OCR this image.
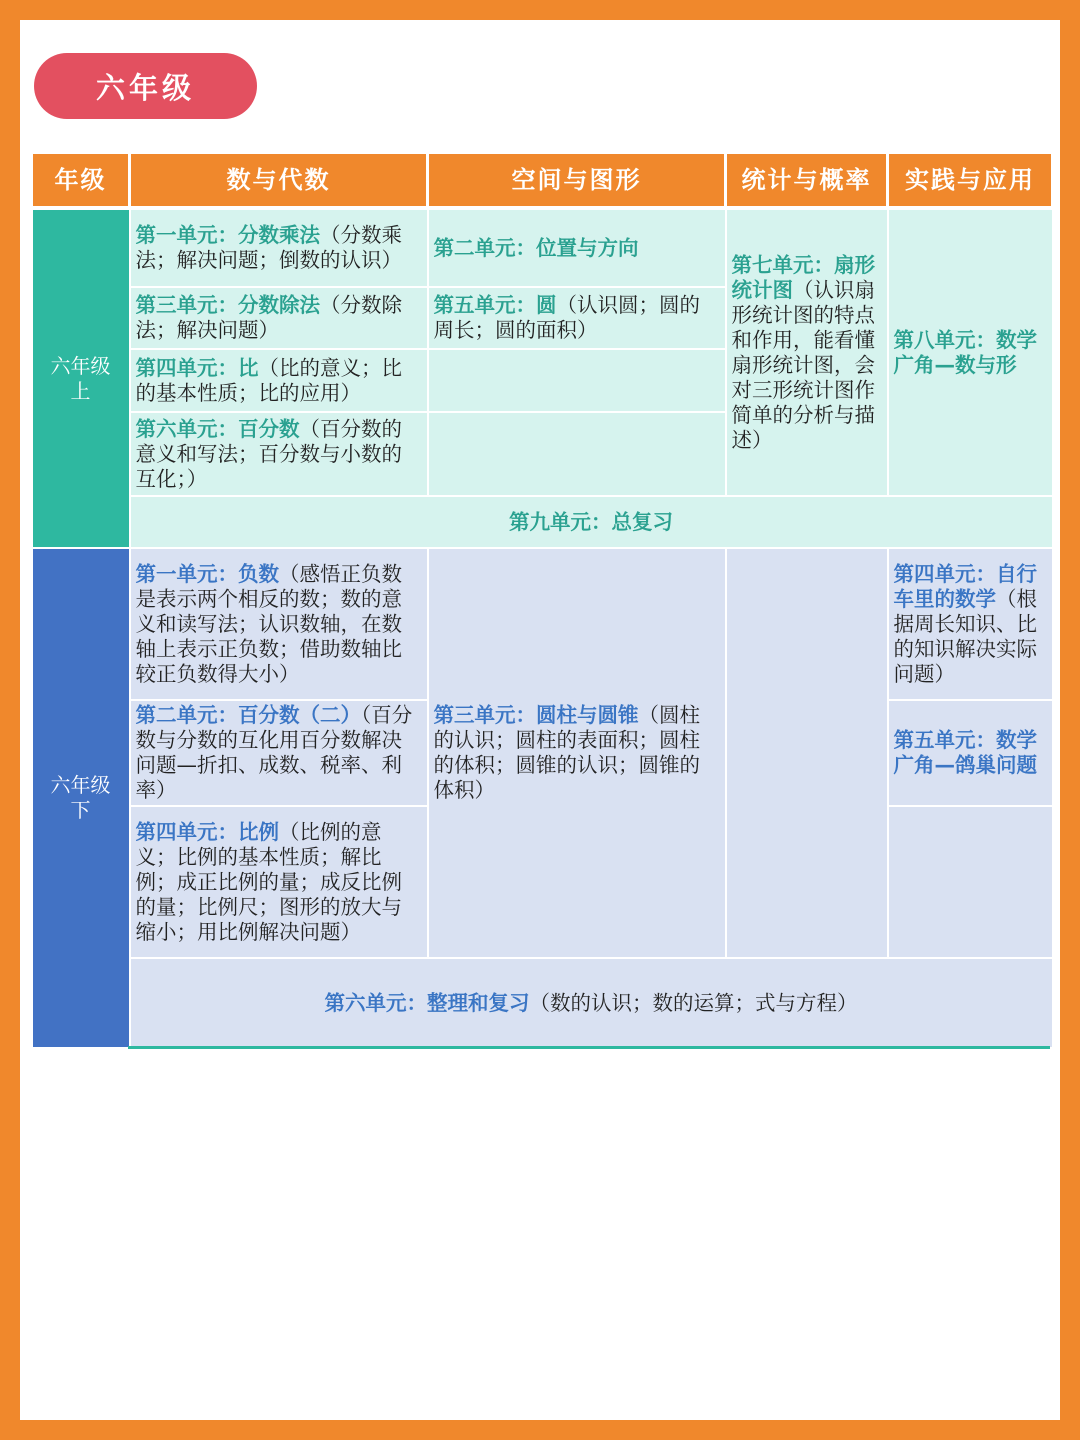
六年级
年级	数与代数	空间与图形	统计与概率	实践与应用

六年级上	第一单元：分数乘法（分数乘法；解决问题；倒数的认识）	第二单元：位置与方向	第七单元：扇形统计图（认识扇形统计图的特点和作用，能看懂扇形统计图，会对三形统计图作简单的分析与描述）	第八单元：数学广角—数与形
	第三单元：分数除法（分数除法；解决问题）	第五单元：圆（认识圆；圆的周长；圆的面积）		
	第四单元：比（比的意义；比的基本性质；比的应用）			
	第六单元：百分数（百分数的意义和写法；百分数与小数的互化；）			
	第九单元：总复习			

六年级下	第一单元：负数（感悟正负数是表示两个相反的数；数的意义和读写法；认识数轴，在数轴上表示正负数；借助数轴比较正负数得大小）	第三单元：圆柱与圆锥（圆柱的认识；圆柱的表面积；圆柱的体积；圆锥的认识；圆锥的体积）		第四单元：自行车里的数学（根据周长知识、比的知识解决实际问题）
	第二单元：百分数（二）（百分数与分数的互化用百分数解决问题—折扣、成数、税率、利率）			第五单元：数学广角—鸽巢问题
	第四单元：比例（比例的意义；比例的基本性质；解比例；成正比例的量；成反比例的量；比例尺；图形的放大与缩小；用比例解决问题）			
	第六单元：整理和复习（数的认识；数的运算；式与方程）			
